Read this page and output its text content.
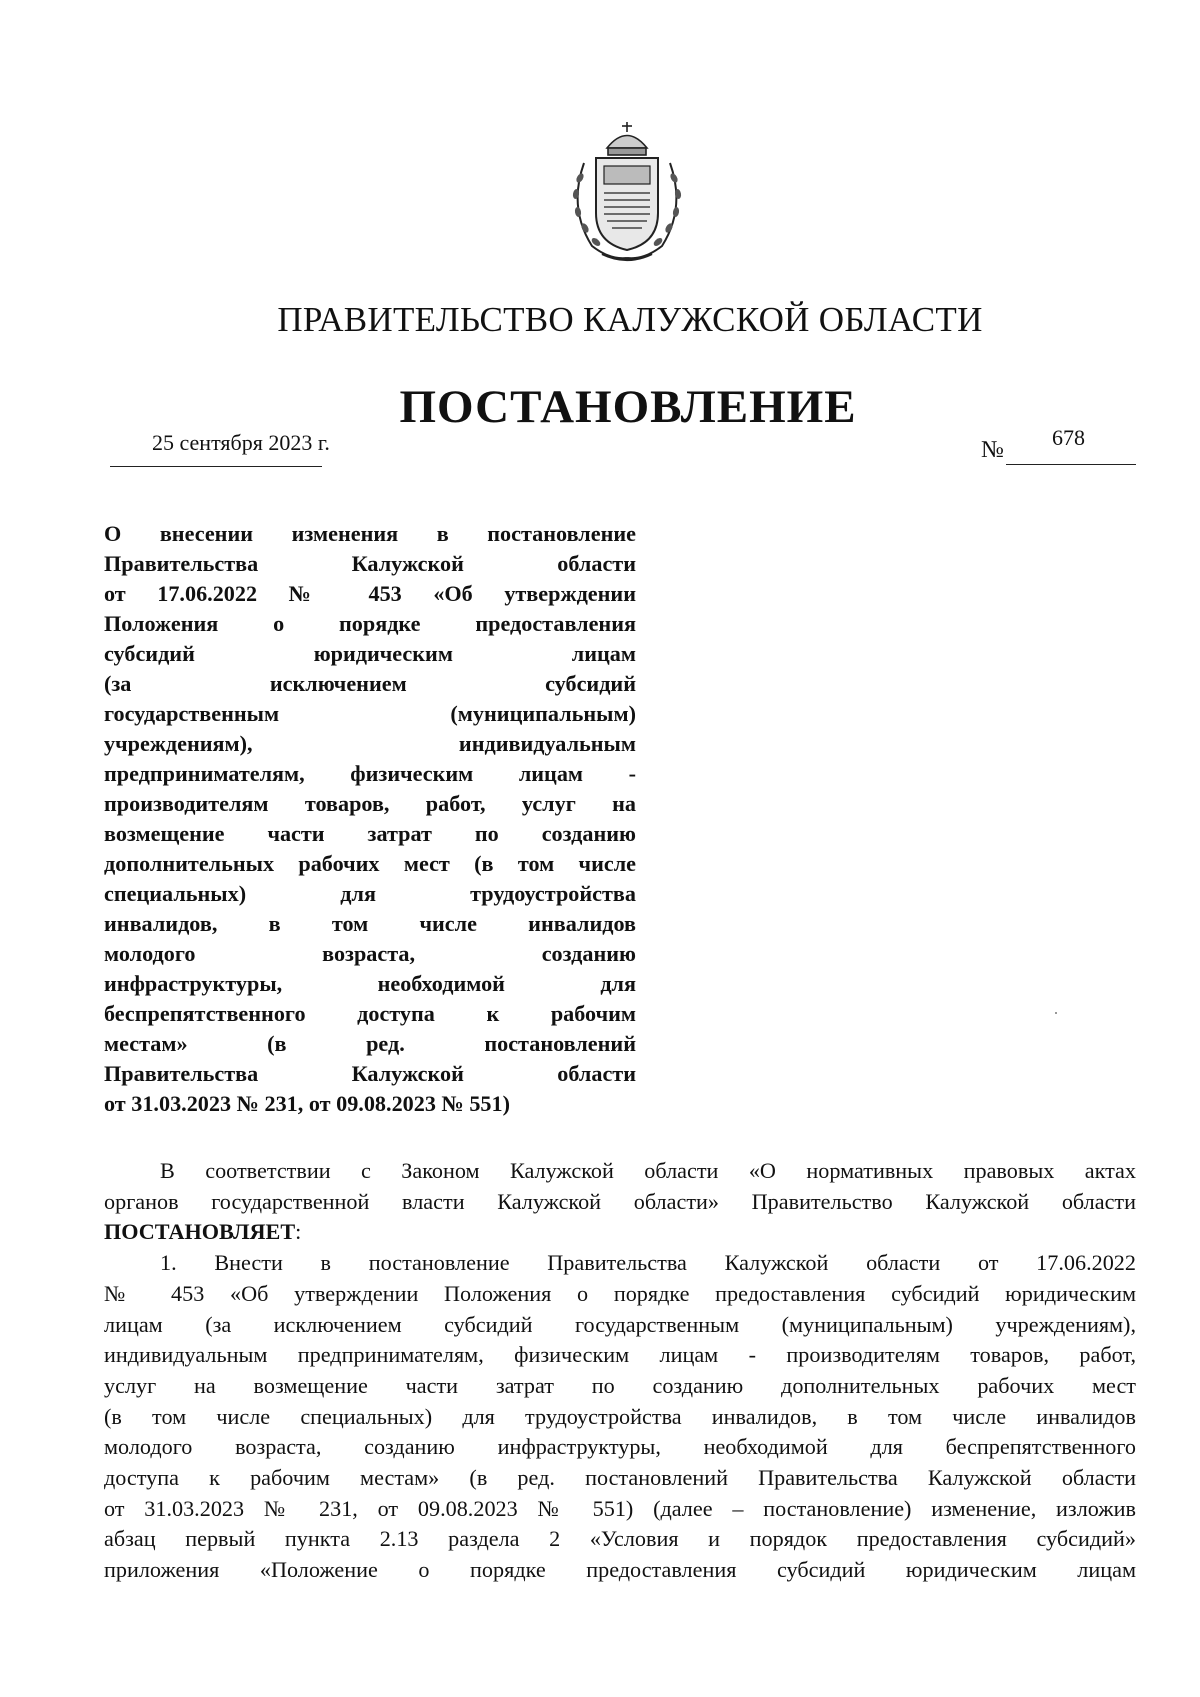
ПРАВИТЕЛЬСТВО КАЛУЖСКОЙ ОБЛАСТИ
ПОСТАНОВЛЕНИЕ
25 сентября 2023 г.	№ 678
О внесении изменения в постановление
Правительства Калужской области
от 17.06.2022 № 453 «Об утверждении
Положения о порядке предоставления
субсидий юридическим лицам
(за исключением субсидий
государственным (муниципальным)
учреждениям), индивидуальным
предпринимателям, физическим лицам -
производителям товаров, работ, услуг на
возмещение части затрат по созданию
дополнительных рабочих мест (в том числе
специальных) для трудоустройства
инвалидов, в том числе инвалидов
молодого возраста, созданию
инфраструктуры, необходимой для
беспрепятственного доступа к рабочим
местам» (в ред. постановлений
Правительства Калужской области
от 31.03.2023 № 231, от 09.08.2023 № 551)
В соответствии с Законом Калужской области «О нормативных правовых актах
органов государственной власти Калужской области» Правительство Калужской области
ПОСТАНОВЛЯЕТ:
1. Внести в постановление Правительства Калужской области от 17.06.2022
№ 453 «Об утверждении Положения о порядке предоставления субсидий юридическим
лицам (за исключением субсидий государственным (муниципальным) учреждениям),
индивидуальным предпринимателям, физическим лицам - производителям товаров, работ,
услуг на возмещение части затрат по созданию дополнительных рабочих мест
(в том числе специальных) для трудоустройства инвалидов, в том числе инвалидов
молодого возраста, созданию инфраструктуры, необходимой для беспрепятственного
доступа к рабочим местам» (в ред. постановлений Правительства Калужской области
от 31.03.2023 № 231, от 09.08.2023 № 551) (далее – постановление) изменение, изложив
абзац первый пункта 2.13 раздела 2 «Условия и порядок предоставления субсидий»
приложения «Положение о порядке предоставления субсидий юридическим лицам
